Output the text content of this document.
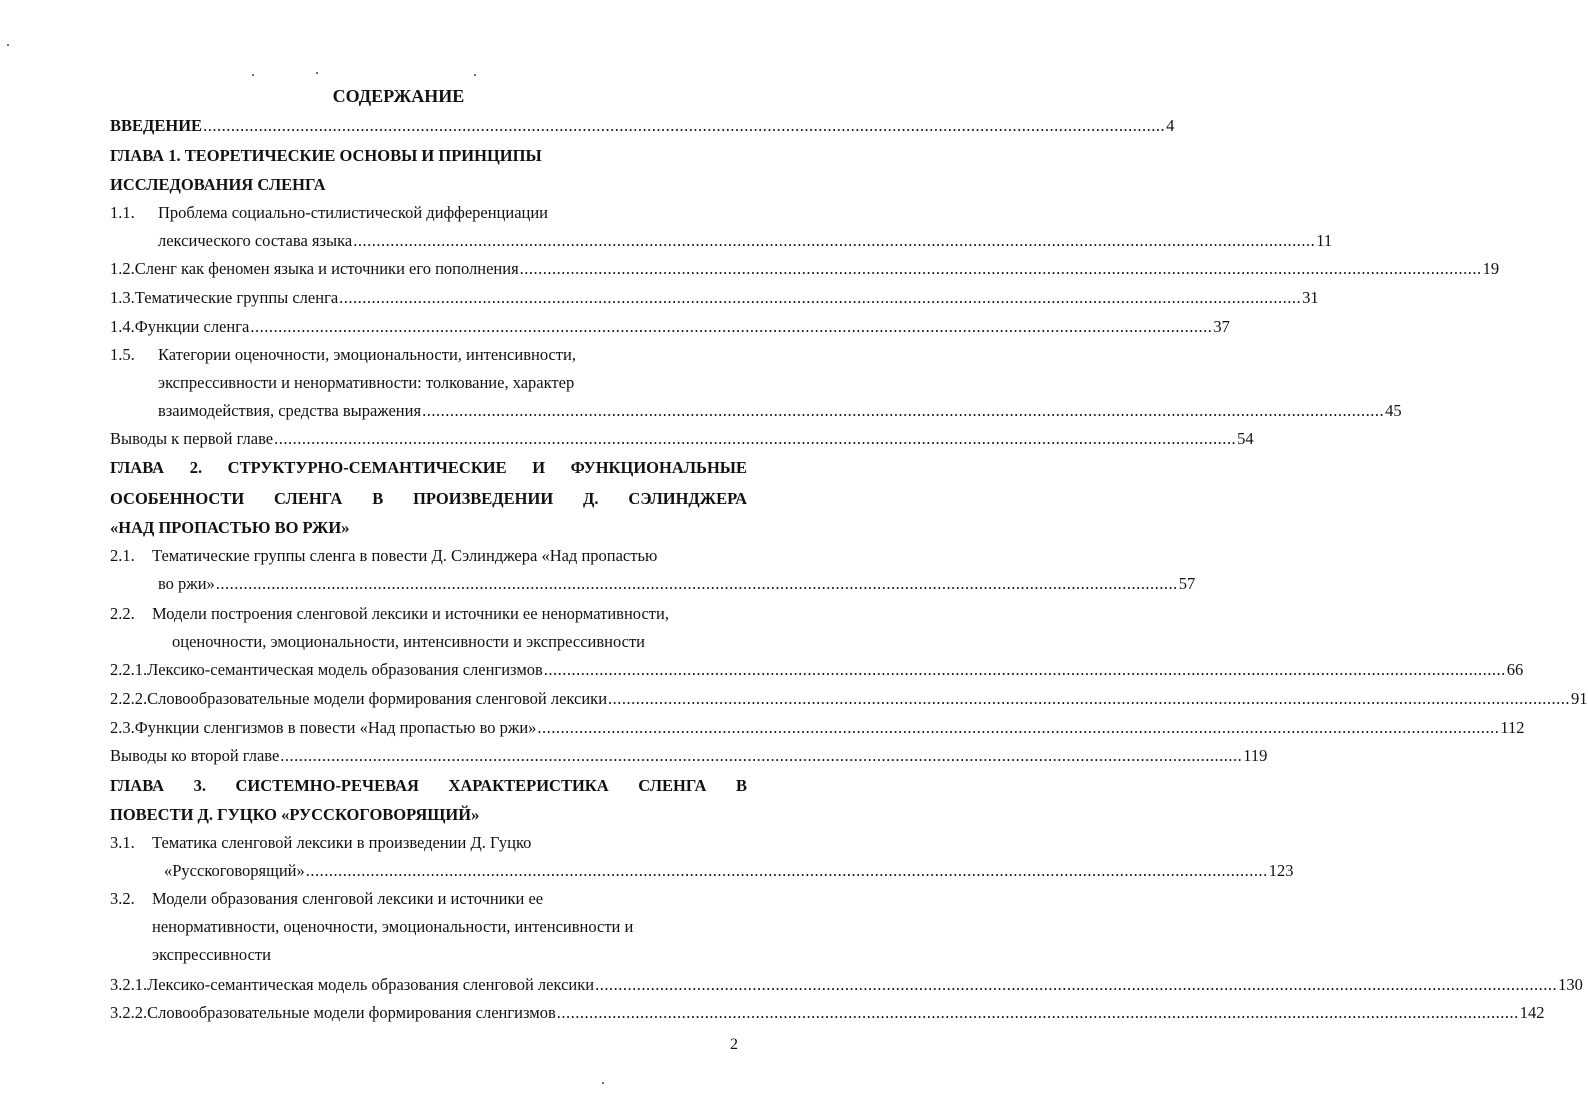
СОДЕРЖАНИЕ
ВВЕДЕНИЕ ................................................................................................................................................................................................................ 4
ГЛАВА 1. ТЕОРЕТИЧЕСКИЕ ОСНОВЫ И ПРИНЦИПЫ
ИССЛЕДОВАНИЯ СЛЕНГА
1.1. Проблема социально-стилистической дифференциации
лексического состава языка ................................................................................................................................................................................................................ 11
1.2. Сленг как феномен языка и источники его пополнения ................................................................................................................................................................................................................ 19
1.3. Тематические группы сленга ................................................................................................................................................................................................................ 31
1.4. Функции сленга ................................................................................................................................................................................................................ 37
1.5. Категории оценочности, эмоциональности, интенсивности,
экспрессивности и ненормативности: толкование, характер
взаимодействия, средства выражения ................................................................................................................................................................................................................ 45
Выводы к первой главе ................................................................................................................................................................................................................ 54
ГЛАВА 2. СТРУКТУРНО-СЕМАНТИЧЕСКИЕ И ФУНКЦИОНАЛЬНЫЕ
ОСОБЕННОСТИ СЛЕНГА В ПРОИЗВЕДЕНИИ Д. СЭЛИНДЖЕРА
«НАД ПРОПАСТЬЮ ВО РЖИ»
2.1. Тематические группы сленга в повести Д. Сэлинджера «Над пропастью
во ржи» ................................................................................................................................................................................................................ 57
2.2. Модели построения сленговой лексики и источники ее ненормативности,
оценочности, эмоциональности, интенсивности и экспрессивности
2.2.1. Лексико-семантическая модель образования сленгизмов ................................................................................................................................................................................................................ 66
2.2.2. Словообразовательные модели формирования сленговой лексики ................................................................................................................................................................................................................ 91
2.3. Функции сленгизмов в повести «Над пропастью во ржи» ................................................................................................................................................................................................................ 112
Выводы ко второй главе ................................................................................................................................................................................................................ 119
ГЛАВА 3. СИСТЕМНО-РЕЧЕВАЯ ХАРАКТЕРИСТИКА СЛЕНГА В
ПОВЕСТИ Д. ГУЦКО «РУССКОГОВОРЯЩИЙ»
3.1. Тематика сленговой лексики в произведении Д. Гуцко
«Русскоговорящий» ................................................................................................................................................................................................................ 123
3.2. Модели образования сленговой лексики и источники ее
ненормативности, оценочности, эмоциональности, интенсивности и
экспрессивности
3.2.1. Лексико-семантическая модель образования сленговой лексики ................................................................................................................................................................................................................ 130
3.2.2. Словообразовательные модели формирования сленгизмов ................................................................................................................................................................................................................ 142
2
